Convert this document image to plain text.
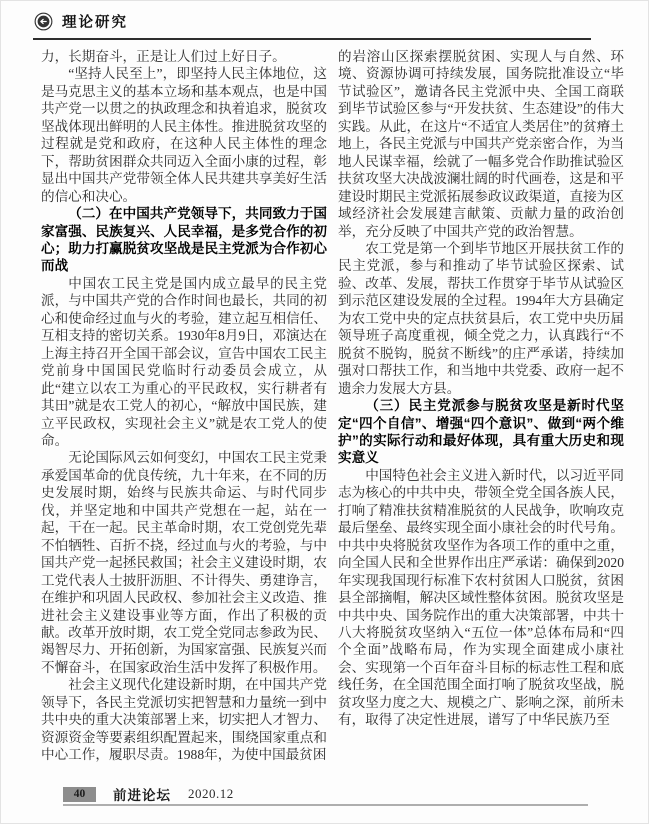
理论研究

力，长期奋斗，正是让人们过上好日子。

“坚持人民至上”，即坚持人民主体地位，这是马克思主义的基本立场和基本观点，也是中国共产党一以贯之的执政理念和执着追求，脱贫攻坚战体现出鲜明的人民主体性。推进脱贫攻坚的过程就是党和政府，在这种人民主体性的理念下，帮助贫困群众共同迈入全面小康的过程，彰显出中国共产党带领全体人民共建共享美好生活的信心和决心。

（二）在中国共产党领导下，共同致力于国家富强、民族复兴、人民幸福，是多党合作的初心；助力打赢脱贫攻坚战是民主党派为合作初心而战

中国农工民主党是国内成立最早的民主党派，与中国共产党的合作时间也最长，共同的初心和使命经过血与火的考验，建立起互相信任、互相支持的密切关系。1930年8月9日，邓演达在上海主持召开全国干部会议，宣告中国农工民主党前身中国国民党临时行动委员会成立，从此“建立以农工为重心的平民政权，实行耕者有其田”就是农工党人的初心，“解放中国民族，建立平民政权，实现社会主义”就是农工党人的使命。

无论国际风云如何变幻，中国农工民主党秉承爱国革命的优良传统，九十年来，在不同的历史发展时期，始终与民族共命运、与时代同步伐，并坚定地和中国共产党想在一起，站在一起，干在一起。民主革命时期，农工党创党先辈不怕牺牲、百折不挠，经过血与火的考验，与中国共产党一起拯民救国；社会主义建设时期，农工党代表人士披肝沥胆、不计得失、勇建诤言，在维护和巩固人民政权、参加社会主义改造、推进社会主义建设事业等方面，作出了积极的贡献。改革开放时期，农工党全党同志参政为民、竭智尽力、开拓创新，为国家富强、民族复兴而不懈奋斗，在国家政治生活中发挥了积极作用。

社会主义现代化建设新时期，在中国共产党领导下，各民主党派切实把智慧和力量统一到中共中央的重大决策部署上来，切实把人才智力、资源资金等要素组织配置起来，围绕国家重点和中心工作，履职尽责。1988年，为使中国最贫困

的岩溶山区探索摆脱贫困、实现人与自然、环境、资源协调可持续发展，国务院批准设立“毕节试验区”，邀请各民主党派中央、全国工商联到毕节试验区参与“开发扶贫、生态建设”的伟大实践。从此，在这片“不适宜人类居住”的贫瘠土地上，各民主党派与中国共产党亲密合作，为当地人民谋幸福，绘就了一幅多党合作助推试验区扶贫攻坚大决战波澜壮阔的时代画卷，这是和平建设时期民主党派拓展参政议政渠道，直接为区域经济社会发展建言献策、贡献力量的政治创举，充分反映了中国共产党的政治智慧。

农工党是第一个到毕节地区开展扶贫工作的民主党派，参与和推动了毕节试验区探索、试验、改革、发展，帮扶工作贯穿于毕节从试验区到示范区建设发展的全过程。1994年大方县确定为农工党中央的定点扶贫县后，农工党中央历届领导班子高度重视，倾全党之力，认真践行“不脱贫不脱钩，脱贫不断线”的庄严承诺，持续加强对口帮扶工作，和当地中共党委、政府一起不遗余力发展大方县。

（三）民主党派参与脱贫攻坚是新时代坚定“四个自信”、增强“四个意识”、做到“两个维护”的实际行动和最好体现，具有重大历史和现实意义

中国特色社会主义进入新时代，以习近平同志为核心的中共中央，带领全党全国各族人民，打响了精准扶贫精准脱贫的人民战争，吹响攻克最后堡垒、最终实现全面小康社会的时代号角。中共中央将脱贫攻坚作为各项工作的重中之重，向全国人民和全世界作出庄严承诺：确保到2020年实现我国现行标准下农村贫困人口脱贫，贫困县全部摘帽，解决区域性整体贫困。脱贫攻坚是中共中央、国务院作出的重大决策部署，中共十八大将脱贫攻坚纳入“五位一体”总体布局和“四个全面”战略布局，作为实现全面建成小康社会、实现第一个百年奋斗目标的标志性工程和底线任务，在全国范围全面打响了脱贫攻坚战，脱贫攻坚力度之大、规模之广、影响之深，前所未有，取得了决定性进展，谱写了中华民族乃至

40	前进论坛 2020.12
